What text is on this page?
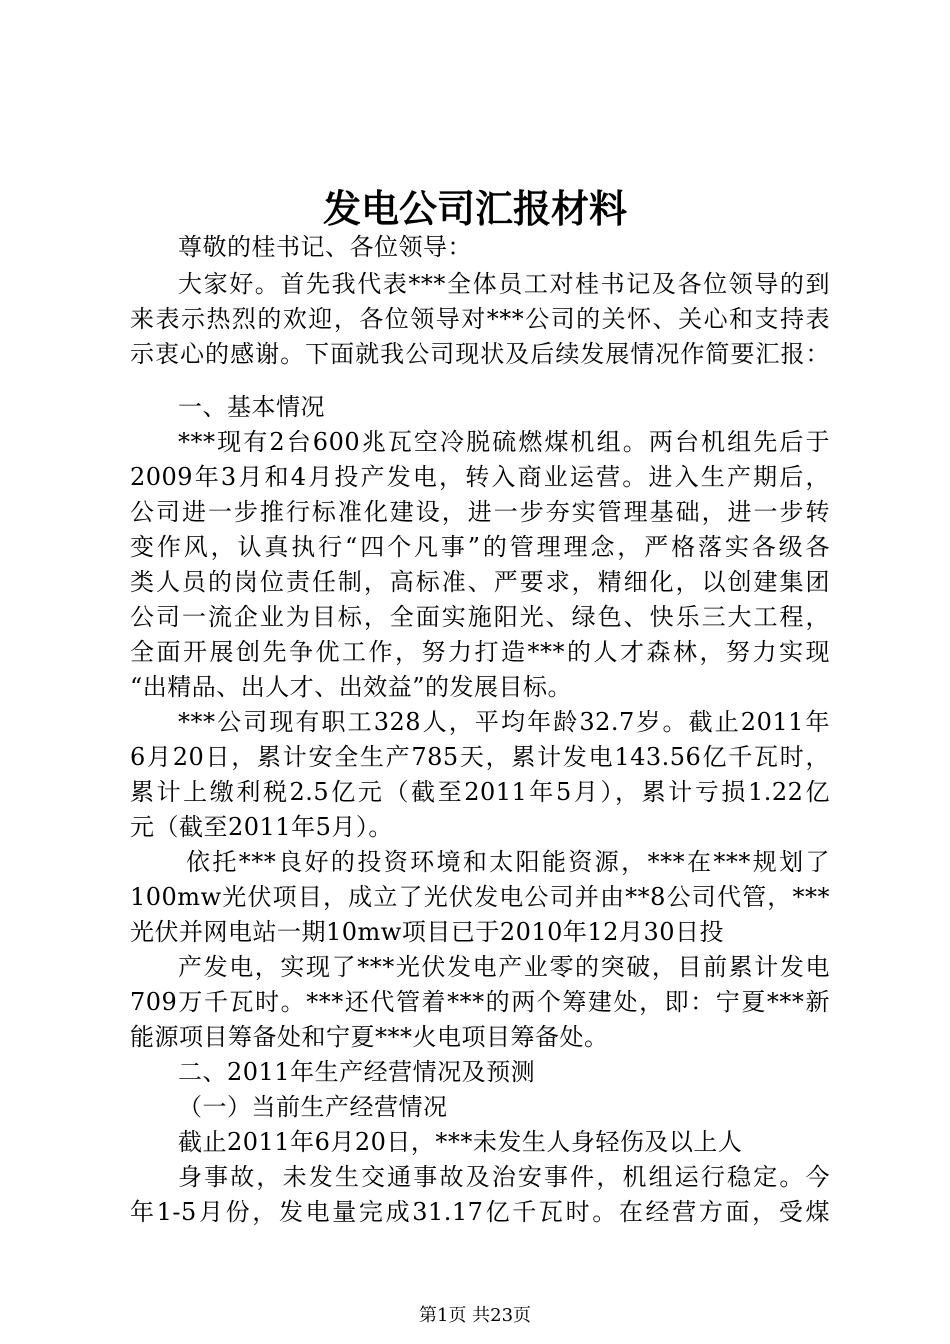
发电公司汇报材料
尊敬的桂书记、各位领导：
大家好。首先我代表***全体员工对桂书记及各位领导的到
来表示热烈的欢迎，各位领导对***公司的关怀、关心和支持表
示衷心的感谢。下面就我公司现状及后续发展情况作简要汇报：
一、基本情况
***现有2台600兆瓦空冷脱硫燃煤机组。两台机组先后于
2009年3月和4月投产发电，转入商业运营。进入生产期后，
公司进一步推行标准化建设，进一步夯实管理基础，进一步转
变作风，认真执行“四个凡事”的管理理念，严格落实各级各
类人员的岗位责任制，高标准、严要求，精细化，以创建集团
公司一流企业为目标，全面实施阳光、绿色、快乐三大工程，
全面开展创先争优工作，努力打造***的人才森林，努力实现
“出精品、出人才、出效益”的发展目标。
***公司现有职工328人，平均年龄32.7岁。截止2011年
6月20日，累计安全生产785天，累计发电143.56亿千瓦时，
累计上缴利税2.5亿元（截至2011年5月），累计亏损1.22亿
元（截至2011年5月）。
依托***良好的投资环境和太阳能资源，***在***规划了
100mw光伏项目，成立了光伏发电公司并由**8公司代管，***
光伏并网电站一期10mw项目已于2010年12月30日投
产发电，实现了***光伏发电产业零的突破，目前累计发电
709万千瓦时。***还代管着***的两个筹建处，即：宁夏***新
能源项目筹备处和宁夏***火电项目筹备处。
二、2011年生产经营情况及预测
（一）当前生产经营情况
截止2011年6月20日，***未发生人身轻伤及以上人
身事故，未发生交通事故及治安事件，机组运行稳定。今
年1-5月份，发电量完成31.17亿千瓦时。在经营方面，受煤
第1页 共23页
